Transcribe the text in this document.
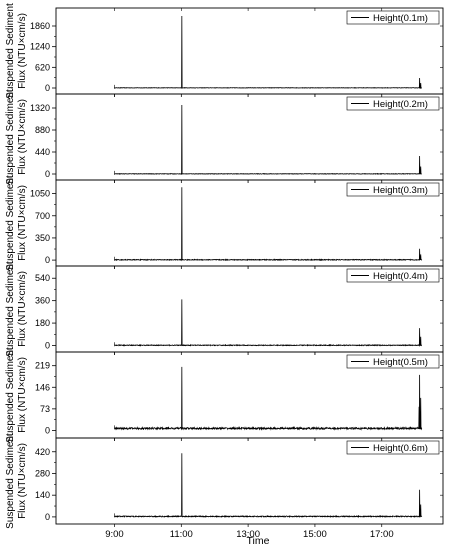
0
620
1240
1860
Suspended Sediment Flux (NTU×cm/s)	Height(0.1m)
0
440
880
1320
Suspended Sediment Flux (NTU×cm/s)	Height(0.2m)
0
350
700
1050
Suspended Sediment Flux (NTU×cm/s)	Height(0.3m)
0
180
360
540
Suspended Sediment Flux (NTU×cm/s)	Height(0.4m)
0
73
146
219
Suspended Sediment Flux (NTU×cm/s)	Height(0.5m)
0
140
280
420
Suspended Sediment Flux (NTU×cm/s)	Height(0.6m)
9:00	11:00	13:00	15:00	17:00
Time
